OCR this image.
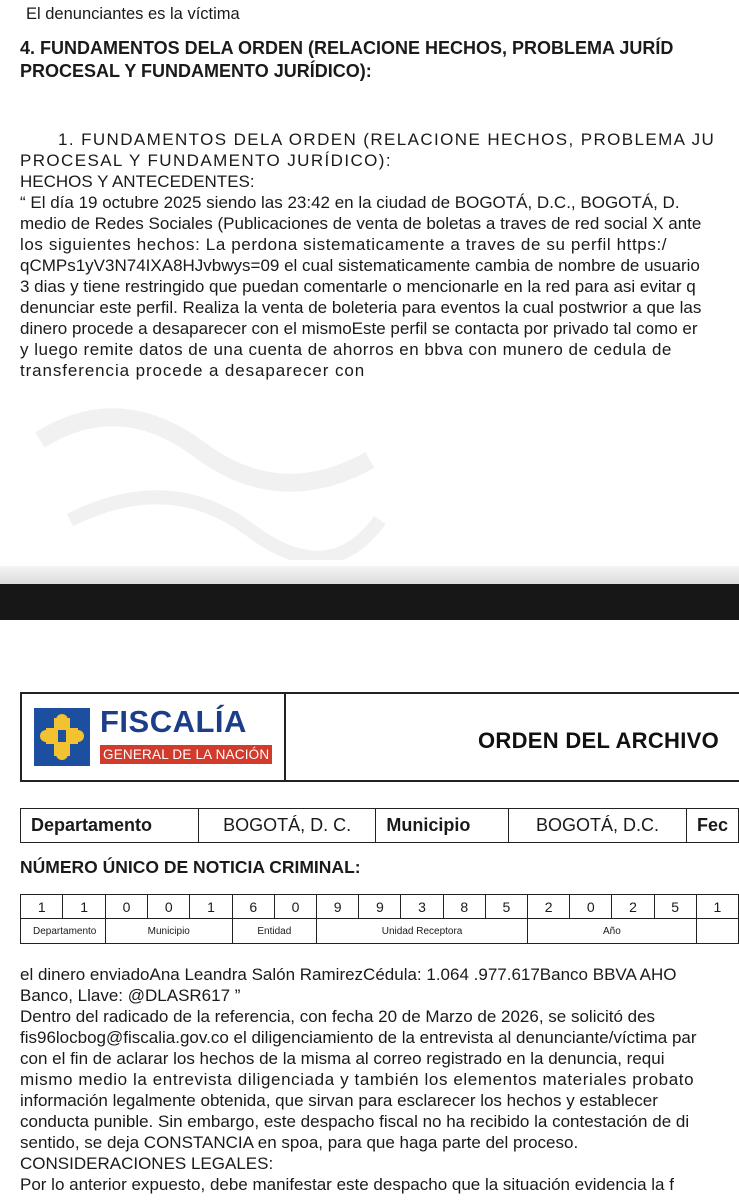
El denunciantes es la víctima
4. FUNDAMENTOS DELA ORDEN (RELACIONE HECHOS, PROBLEMA JURÍD
PROCESAL Y FUNDAMENTO JURÍDICO):
1. FUNDAMENTOS DELA ORDEN (RELACIONE HECHOS, PROBLEMA JU
PROCESAL Y FUNDAMENTO JURÍDICO):
HECHOS Y ANTECEDENTES:
“ El día 19 octubre 2025 siendo las 23:42 en la ciudad de BOGOTÁ, D.C., BOGOTÁ, D.
medio de Redes Sociales (Publicaciones de venta de boletas a traves de red social X ante
los siguientes hechos: La perdona sistematicamente a traves de su perfil https:/
qCMPs1yV3N74IXA8HJvbwys=09 el cual sistematicamente cambia de nombre de usuario
3 dias y tiene restringido que puedan comentarle o mencionarle en la red para asi evitar q
denunciar este perfil. Realiza la venta de boleteria para eventos la cual postwrior a que las
dinero procede a desaparecer con el mismoEste perfil se contacta por privado tal como er
y luego remite datos de una cuenta de ahorros en bbva con munero de cedula de
transferencia procede a desaparecer con
FISCALÍA
GENERAL DE LA NACIÓN
ORDEN DEL ARCHIVO
Departamento	BOGOTÁ, D. C.	Municipio	BOGOTÁ, D.C.	Fec
NÚMERO ÚNICO DE NOTICIA CRIMINAL:
1	1	0	0	1	6	0	9	9	3	8	5	2	0	2	5	1
Departamento		Municipio			Entidad		Unidad Receptora					Año				
el dinero enviadoAna Leandra Salón RamirezCédula: 1.064 .977.617Banco BBVA AHO
Banco, Llave: @DLASR617 ”
Dentro del radicado de la referencia, con fecha 20 de Marzo de 2026, se solicitó des
fis96locbog@fiscalia.gov.co el diligenciamiento de la entrevista al denunciante/víctima par
con el fin de aclarar los hechos de la misma al correo registrado en la denuncia, requi
mismo medio la entrevista diligenciada y también los elementos materiales probato
información legalmente obtenida, que sirvan para esclarecer los hechos y establecer
conducta punible. Sin embargo, este despacho fiscal no ha recibido la contestación de di
sentido, se deja CONSTANCIA en spoa, para que haga parte del proceso.
CONSIDERACIONES LEGALES:
Por lo anterior expuesto, debe manifestar este despacho que la situación evidencia la f
